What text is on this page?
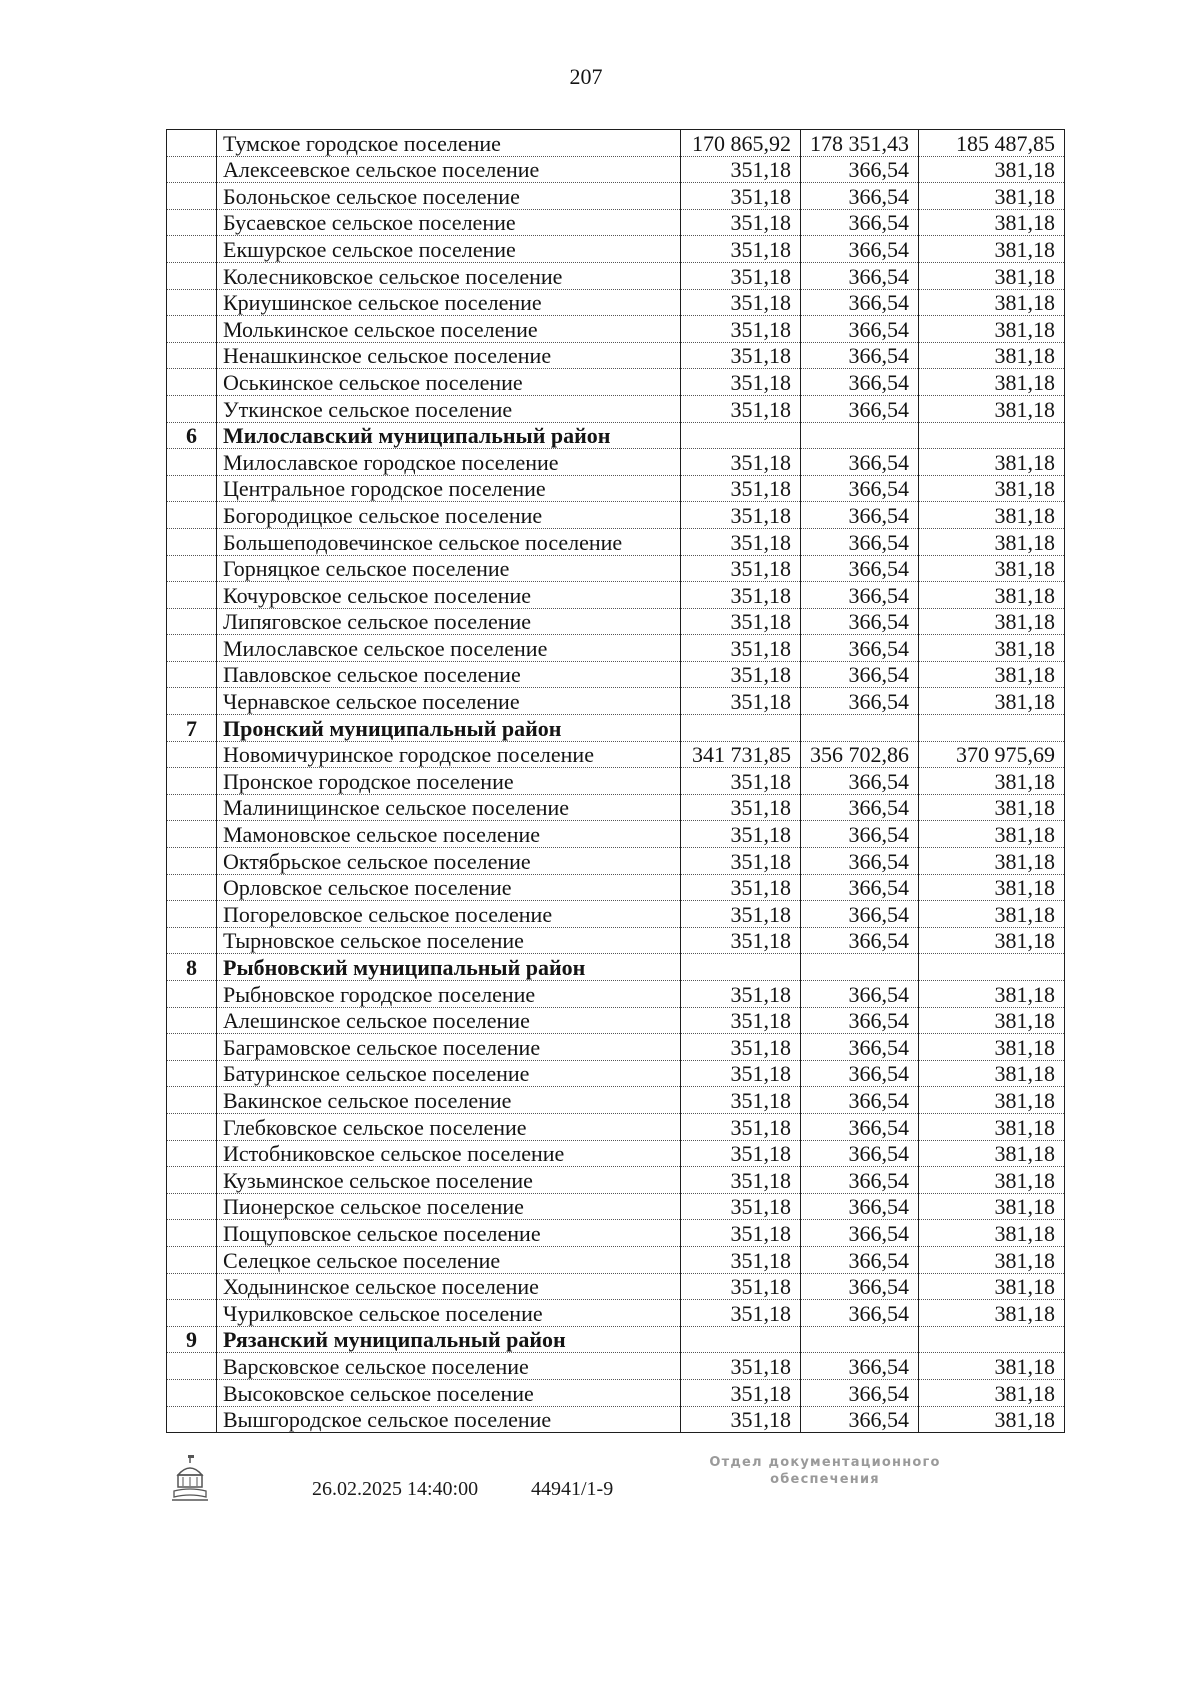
207
	Тумское городское поселение	170 865,92	178 351,43	185 487,85
	Алексеевское сельское поселение	351,18	366,54	381,18
	Болоньское сельское поселение	351,18	366,54	381,18
	Бусаевское сельское поселение	351,18	366,54	381,18
	Екшурское сельское поселение	351,18	366,54	381,18
	Колесниковское сельское поселение	351,18	366,54	381,18
	Криушинское сельское поселение	351,18	366,54	381,18
	Молькинское сельское поселение	351,18	366,54	381,18
	Ненашкинское сельское поселение	351,18	366,54	381,18
	Оськинское сельское поселение	351,18	366,54	381,18
	Уткинское сельское поселение	351,18	366,54	381,18
6	Милославский муниципальный район			
	Милославское городское поселение	351,18	366,54	381,18
	Центральное городское поселение	351,18	366,54	381,18
	Богородицкое сельское поселение	351,18	366,54	381,18
	Большеподовечинское сельское поселение	351,18	366,54	381,18
	Горняцкое сельское поселение	351,18	366,54	381,18
	Кочуровское сельское поселение	351,18	366,54	381,18
	Липяговское сельское поселение	351,18	366,54	381,18
	Милославское сельское поселение	351,18	366,54	381,18
	Павловское сельское поселение	351,18	366,54	381,18
	Чернавское сельское поселение	351,18	366,54	381,18
7	Пронский муниципальный район			
	Новомичуринское городское поселение	341 731,85	356 702,86	370 975,69
	Пронское городское поселение	351,18	366,54	381,18
	Малинищинское сельское поселение	351,18	366,54	381,18
	Мамоновское сельское поселение	351,18	366,54	381,18
	Октябрьское сельское поселение	351,18	366,54	381,18
	Орловское сельское поселение	351,18	366,54	381,18
	Погореловское сельское поселение	351,18	366,54	381,18
	Тырновское сельское поселение	351,18	366,54	381,18
8	Рыбновский муниципальный район			
	Рыбновское городское поселение	351,18	366,54	381,18
	Алешинское сельское поселение	351,18	366,54	381,18
	Баграмовское сельское поселение	351,18	366,54	381,18
	Батуринское сельское поселение	351,18	366,54	381,18
	Вакинское сельское поселение	351,18	366,54	381,18
	Глебковское сельское поселение	351,18	366,54	381,18
	Истобниковское сельское поселение	351,18	366,54	381,18
	Кузьминское сельское поселение	351,18	366,54	381,18
	Пионерское сельское поселение	351,18	366,54	381,18
	Пощуповское сельское поселение	351,18	366,54	381,18
	Селецкое сельское поселение	351,18	366,54	381,18
	Ходынинское сельское поселение	351,18	366,54	381,18
	Чурилковское сельское поселение	351,18	366,54	381,18
9	Рязанский муниципальный район			
	Варсковское сельское поселение	351,18	366,54	381,18
	Высоковское сельское поселение	351,18	366,54	381,18
	Вышгородское сельское поселение	351,18	366,54	381,18
26.02.2025 14:40:00	44941/1-9
Отдел документационного
обеспечения
